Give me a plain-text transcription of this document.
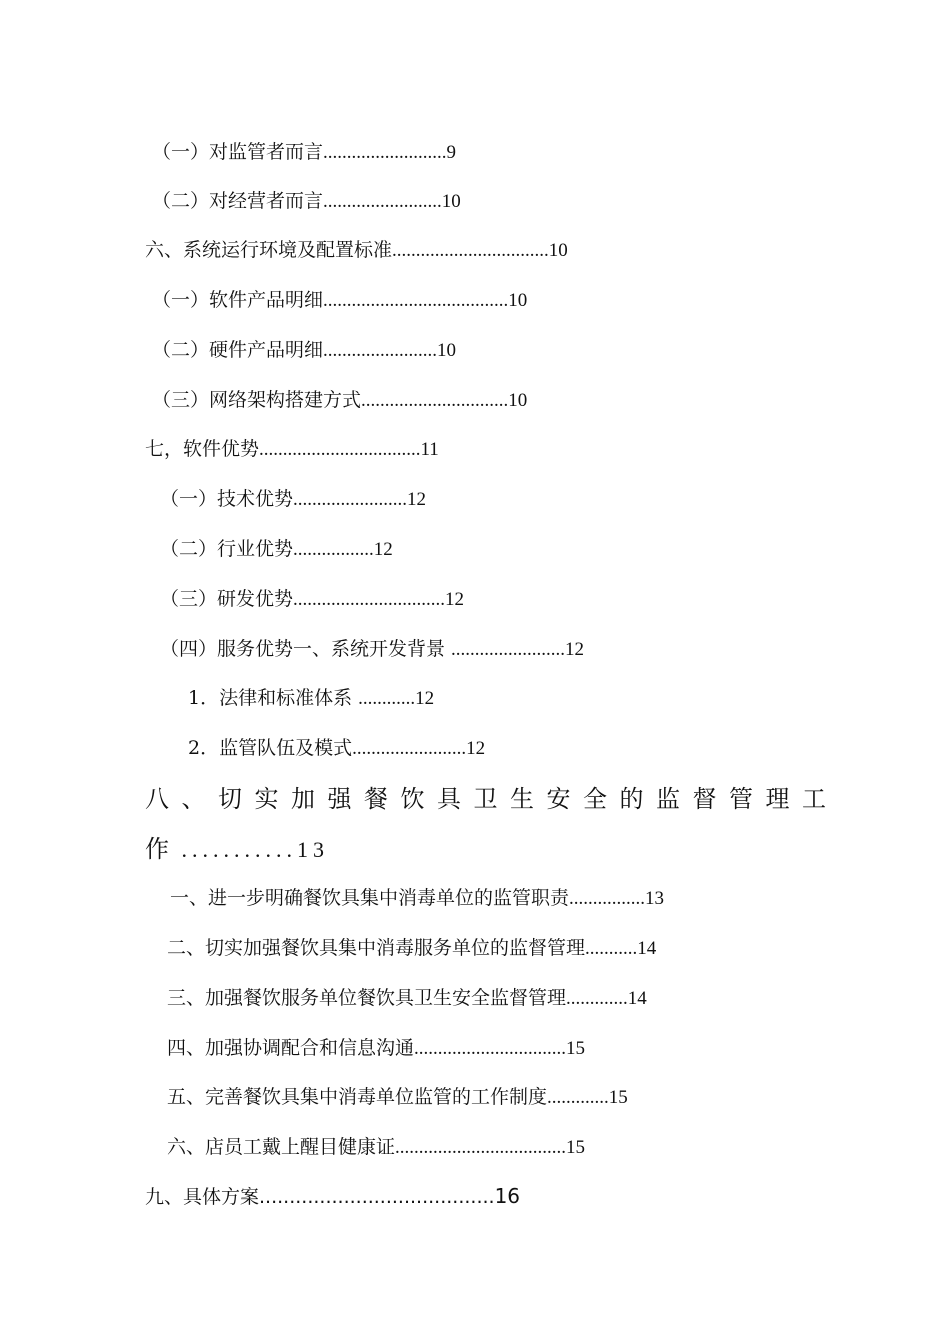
（一）对监管者而言..........................9
（二）对经营者而言.........................10
六、系统运行环境及配置标准.................................10
（一）软件产品明细.......................................10
（二）硬件产品明细........................10
（三）网络架构搭建方式...............................10
七，软件优势..................................11
（一）技术优势........................12
（二）行业优势.................12
（三）研发优势................................12
（四）服务优势一、系统开发背景 ........................12
1．法律和标准体系 ............12
2．监管队伍及模式........................12
八、切实加强餐饮具卫生安全的监督管理工
作...........13
一、进一步明确餐饮具集中消毒单位的监管职责................13
二、切实加强餐饮具集中消毒服务单位的监督管理...........14
三、加强餐饮服务单位餐饮具卫生安全监督管理.............14
四、加强协调配合和信息沟通................................15
五、完善餐饮具集中消毒单位监管的工作制度.............15
六、店员工戴上醒目健康证....................................15
九、具体方案.......................................16
